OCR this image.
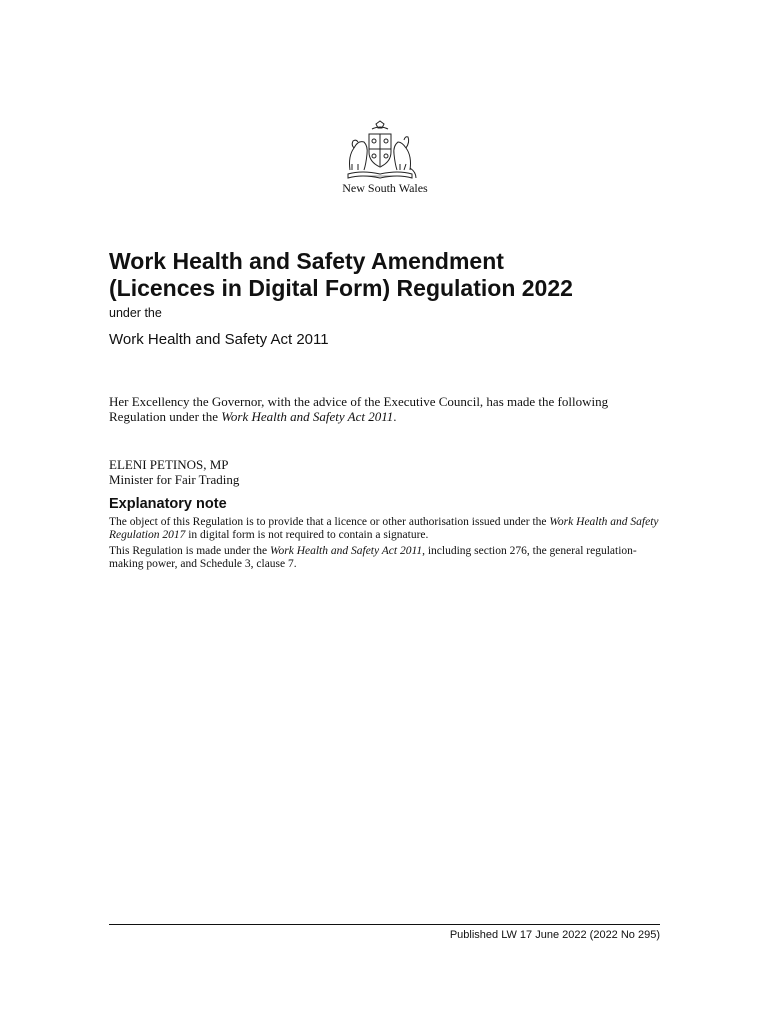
New South Wales
Work Health and Safety Amendment
(Licences in Digital Form) Regulation 2022
under the
Work Health and Safety Act 2011

Her Excellency the Governor, with the advice of the Executive Council, has made the following Regulation under the Work Health and Safety Act 2011.

ELENI PETINOS, MP
Minister for Fair Trading
Explanatory note

The object of this Regulation is to provide that a licence or other authorisation issued under the Work Health and Safety Regulation 2017 in digital form is not required to contain a signature.

This Regulation is made under the Work Health and Safety Act 2011, including section 276, the general regulation-making power, and Schedule 3, clause 7.

Published LW 17 June 2022 (2022 No 295)
